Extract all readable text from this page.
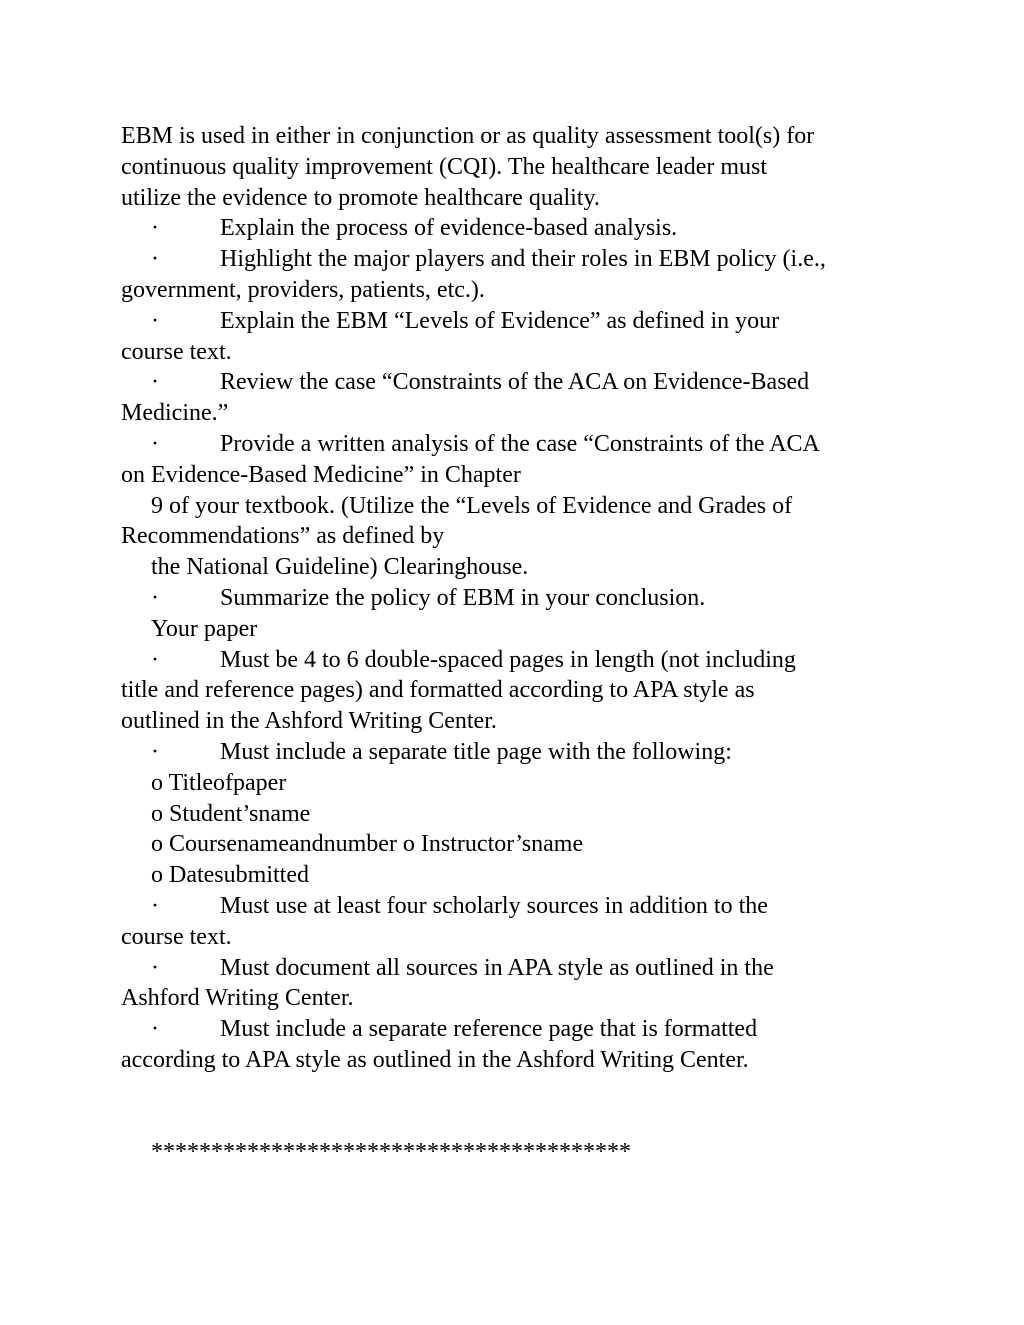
EBM is used in either in conjunction or as quality assessment tool(s) for
continuous quality improvement (CQI). The healthcare leader must
utilize the evidence to promote healthcare quality.
·	Explain the process of evidence-based analysis.
·	Highlight the major players and their roles in EBM policy (i.e.,
government, providers, patients, etc.).
·	Explain the EBM “Levels of Evidence” as defined in your
course text.
·	Review the case “Constraints of the ACA on Evidence-Based
Medicine.”
·	Provide a written analysis of the case “Constraints of the ACA
on Evidence-Based Medicine” in Chapter
9 of your textbook. (Utilize the “Levels of Evidence and Grades of
Recommendations” as defined by
the National Guideline) Clearinghouse.
·	Summarize the policy of EBM in your conclusion.
Your paper
·	Must be 4 to 6 double-spaced pages in length (not including
title and reference pages) and formatted according to APA style as
outlined in the Ashford Writing Center.
·	Must include a separate title page with the following:
o Titleofpaper
o Student’sname
o Coursenameandnumber o Instructor’sname
o Datesubmitted
·	Must use at least four scholarly sources in addition to the
course text.
·	Must document all sources in APA style as outlined in the
Ashford Writing Center.
·	Must include a separate reference page that is formatted
according to APA style as outlined in the Ashford Writing Center.
****************************************
